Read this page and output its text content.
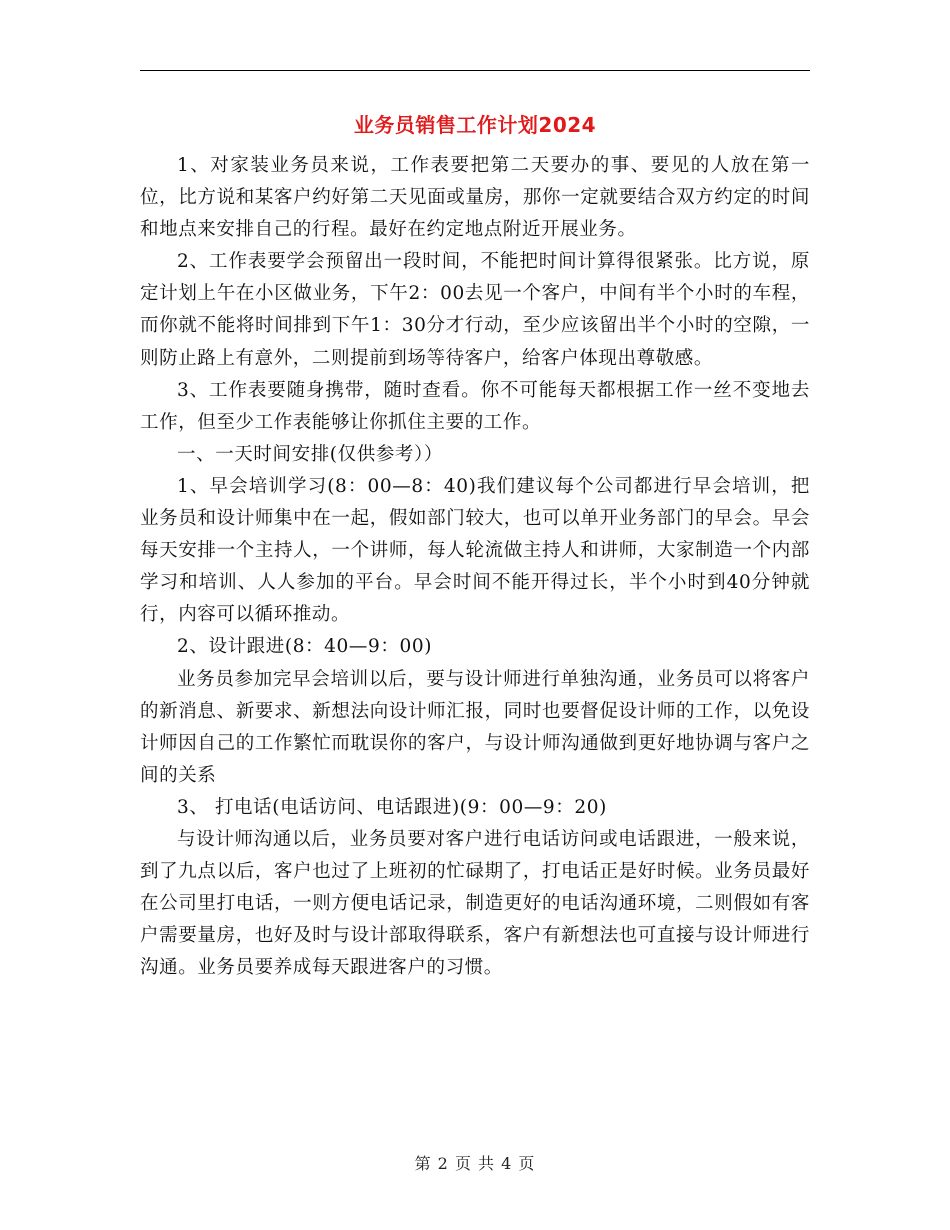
业务员销售工作计划2024

1、对家装业务员来说，工作表要把第二天要办的事、要见的人放在第一位，比方说和某客户约好第二天见面或量房，那你一定就要结合双方约定的时间和地点来安排自己的行程。最好在约定地点附近开展业务。

2、工作表要学会预留出一段时间，不能把时间计算得很紧张。比方说，原定计划上午在小区做业务，下午2：00去见一个客户，中间有半个小时的车程，而你就不能将时间排到下午1：30分才行动，至少应该留出半个小时的空隙，一则防止路上有意外，二则提前到场等待客户，给客户体现出尊敬感。

3、工作表要随身携带，随时查看。你不可能每天都根据工作一丝不变地去工作，但至少工作表能够让你抓住主要的工作。

一、一天时间安排(仅供参考））

1、早会培训学习(8：00—8：40)我们建议每个公司都进行早会培训，把业务员和设计师集中在一起，假如部门较大，也可以单开业务部门的早会。早会每天安排一个主持人，一个讲师，每人轮流做主持人和讲师，大家制造一个内部学习和培训、人人参加的平台。早会时间不能开得过长，半个小时到40分钟就行，内容可以循环推动。

2、设计跟进(8：40—9：00)

业务员参加完早会培训以后，要与设计师进行单独沟通，业务员可以将客户的新消息、新要求、新想法向设计师汇报，同时也要督促设计师的工作，以免设计师因自己的工作繁忙而耽误你的客户，与设计师沟通做到更好地协调与客户之间的关系

3、 打电话(电话访问、电话跟进)(9：00—9：20)

与设计师沟通以后，业务员要对客户进行电话访问或电话跟进，一般来说，到了九点以后，客户也过了上班初的忙碌期了，打电话正是好时候。业务员最好在公司里打电话，一则方便电话记录，制造更好的电话沟通环境，二则假如有客户需要量房，也好及时与设计部取得联系，客户有新想法也可直接与设计师进行沟通。业务员要养成每天跟进客户的习惯。

第 2 页 共 4 页
